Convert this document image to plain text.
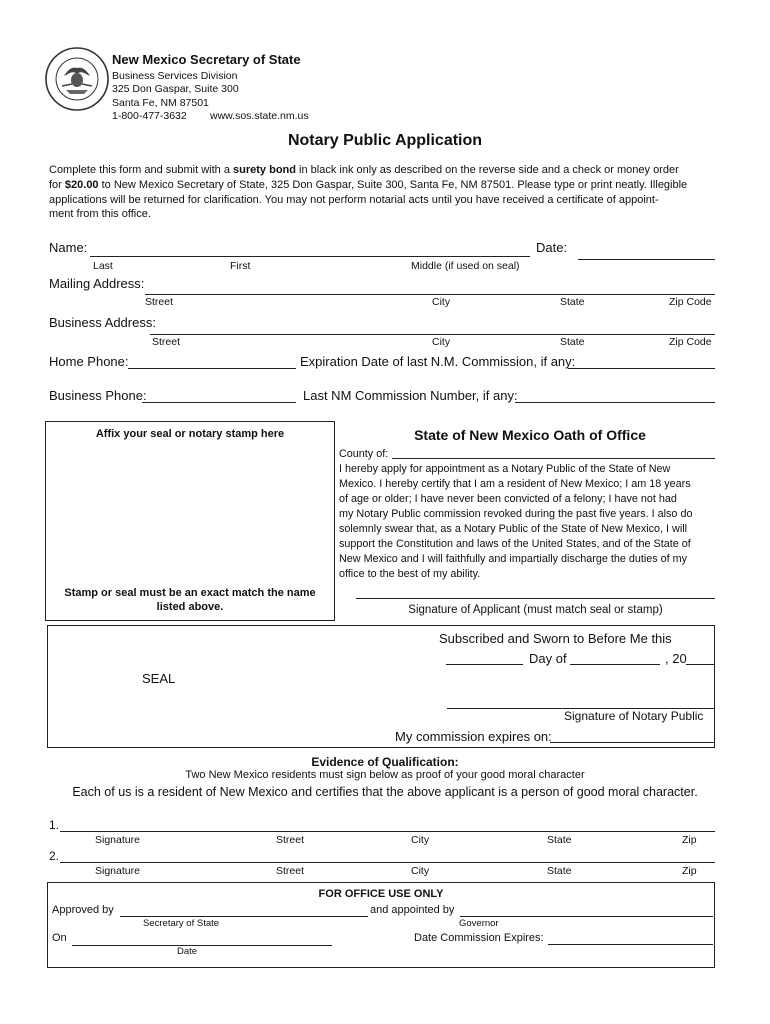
New Mexico Secretary of State
Business Services Division
325 Don Gaspar, Suite 300
Santa Fe, NM 87501
1-800-477-3632 www.sos.state.nm.us
Notary Public Application
Complete this form and submit with a surety bond in black ink only as described on the reverse side and a check or money order
for $20.00 to New Mexico Secretary of State, 325 Don Gaspar, Suite 300, Santa Fe, NM 87501. Please type or print neatly. Illegible
applications will be returned for clarification. You may not perform notarial acts until you have received a certificate of appoint-
ment from this office.
Name:	Date:
Last	First	Middle (if used on seal)
Mailing Address:
Street	City	State	Zip Code
Business Address:
Street	City	State	Zip Code
Home Phone:	Expiration Date of last N.M. Commission, if any:
Business Phone:	Last NM Commission Number, if any:
Affix your seal or notary stamp here
Stamp or seal must be an exact match the name
listed above.
State of New Mexico Oath of Office
County of:
I hereby apply for appointment as a Notary Public of the State of New
Mexico. I hereby certify that I am a resident of New Mexico; I am 18 years
of age or older; I have never been convicted of a felony; I have not had
my Notary Public commission revoked during the past five years. I also do
solemnly swear that, as a Notary Public of the State of New Mexico, I will
support the Constitution and laws of the United States, and of the State of
New Mexico and I will faithfully and impartially discharge the duties of my
office to the best of my ability.
Signature of Applicant (must match seal or stamp)
SEAL
Subscribed and Sworn to Before Me this
Day of	, 20
Signature of Notary Public
My commission expires on:
Evidence of Qualification:
Two New Mexico residents must sign below as proof of your good moral character
Each of us is a resident of New Mexico and certifies that the above applicant is a person of good moral character.
1.
Signature	Street	City	State	Zip
2.
Signature	Street	City	State	Zip
FOR OFFICE USE ONLY
Approved by	and appointed by
Secretary of State	Governor
On	Date Commission Expires:
Date
